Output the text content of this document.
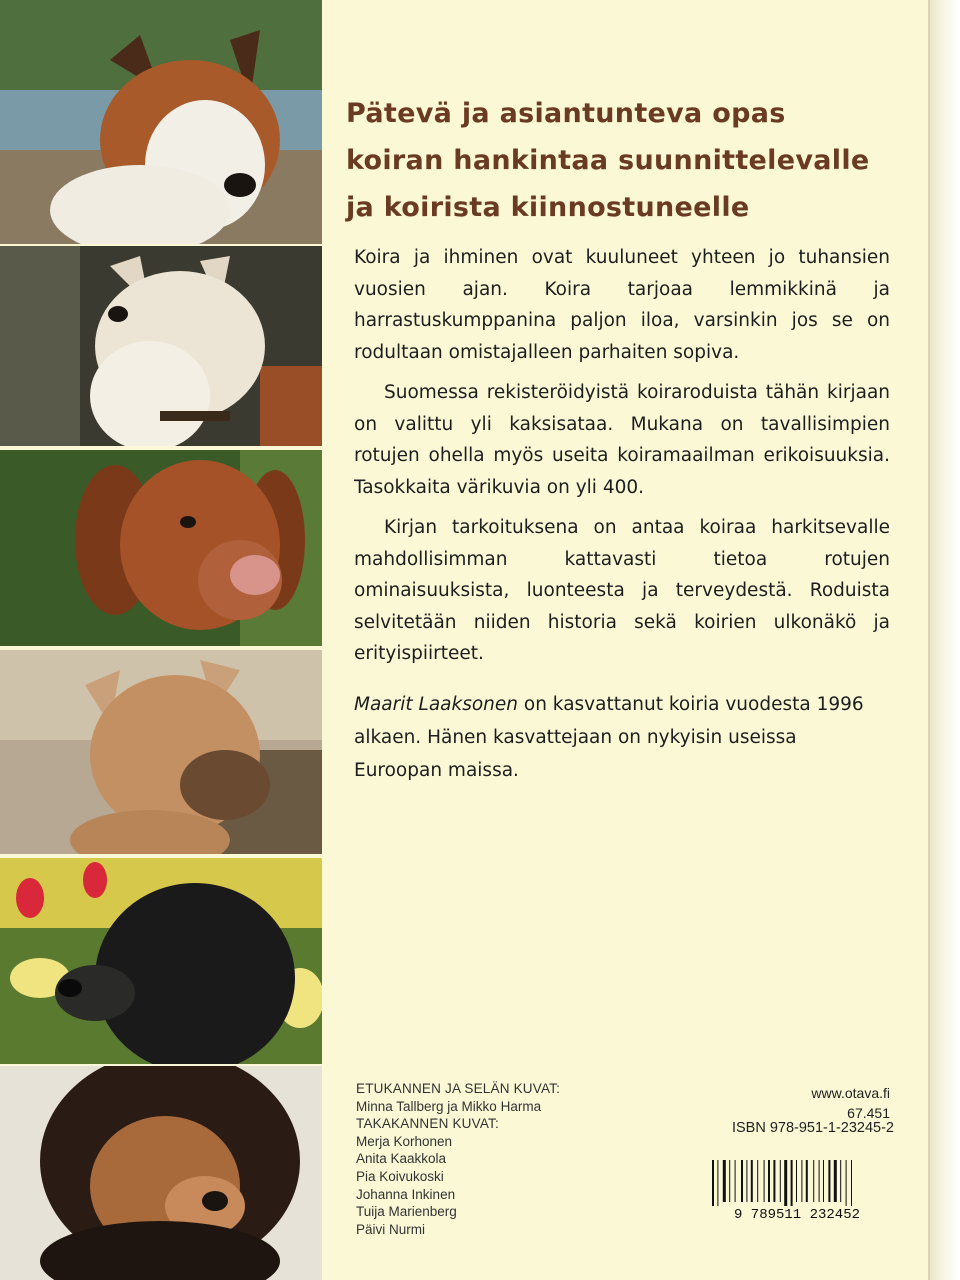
Pätevä ja asiantunteva opas
koiran hankintaa suunnittelevalle
ja koirista kiinnostuneelle

Koira ja ihminen ovat kuuluneet yhteen jo tuhansien vuosien ajan. Koira tarjoaa lemmikkinä ja harrastuskumppanina paljon iloa, varsinkin jos se on rodultaan omistajalleen parhaiten sopiva.

Suomessa rekisteröidyistä koiraroduista tähän kirjaan on valittu yli kaksisataa. Mukana on tavallisimpien rotujen ohella myös useita koiramaailman erikoisuuksia. Tasokkaita värikuvia on yli 400.

Kirjan tarkoituksena on antaa koiraa harkitsevalle mahdollisimman kattavasti tietoa rotujen ominaisuuksista, luonteesta ja terveydestä. Roduista selvitetään niiden historia sekä koirien ulkonäkö ja erityispiirteet.

Maarit Laaksonen on kasvattanut koiria vuodesta 1996 alkaen. Hänen kasvattejaan on nykyisin useissa Euroopan maissa.

ETUKANNEN JA SELÄN KUVAT:
Minna Tallberg ja Mikko Harma
TAKAKANNEN KUVAT:
Merja Korhonen
Anita Kaakkola
Pia Koivukoski
Johanna Inkinen
Tuija Marienberg
Päivi Nurmi
www.otava.fi
67.451
ISBN 978-951-1-23245-2
9 789511 232452
